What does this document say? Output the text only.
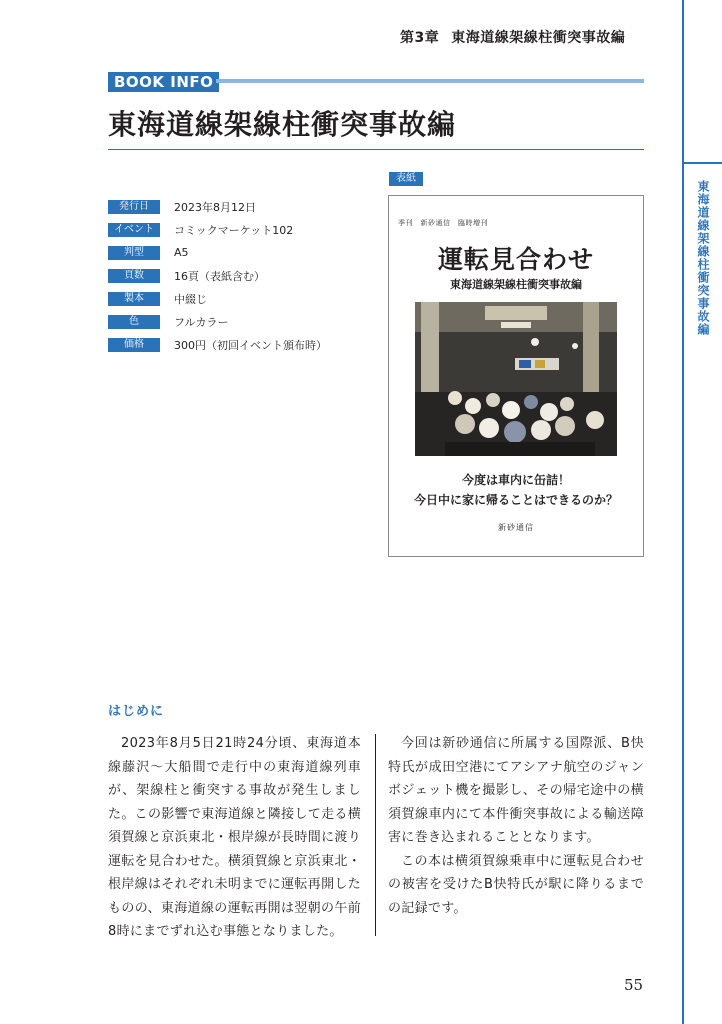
第3章 東海道線架線柱衝突事故編
東海道線架線柱衝突事故編
BOOK INFO
東海道線架線柱衝突事故編
発行日	2023年8月12日
イベント	コミックマーケット102
判型	A5
頁数	16頁（表紙含む）
製本	中綴じ
色	フルカラー
価格	300円（初回イベント頒布時）
表紙
季刊　新砂通信　臨時増刊
運転見合わせ
東海道線架線柱衝突事故編
今度は車内に缶詰！
今日中に家に帰ることはできるのか？
新砂通信
はじめに

2023年8月5日21時24分頃、東海道本線藤沢～大船間で走行中の東海道線列車が、架線柱と衝突する事故が発生しました。この影響で東海道線と隣接して走る横須賀線と京浜東北・根岸線が長時間に渡り運転を見合わせた。横須賀線と京浜東北・根岸線はそれぞれ未明までに運転再開したものの、東海道線の運転再開は翌朝の午前8時にまでずれ込む事態となりました。

今回は新砂通信に所属する国際派、B快特氏が成田空港にてアシアナ航空のジャンボジェット機を撮影し、その帰宅途中の横須賀線車内にて本件衝突事故による輸送障害に巻き込まれることとなります。

この本は横須賀線乗車中に運転見合わせの被害を受けたB快特氏が駅に降りるまでの記録です。

55
